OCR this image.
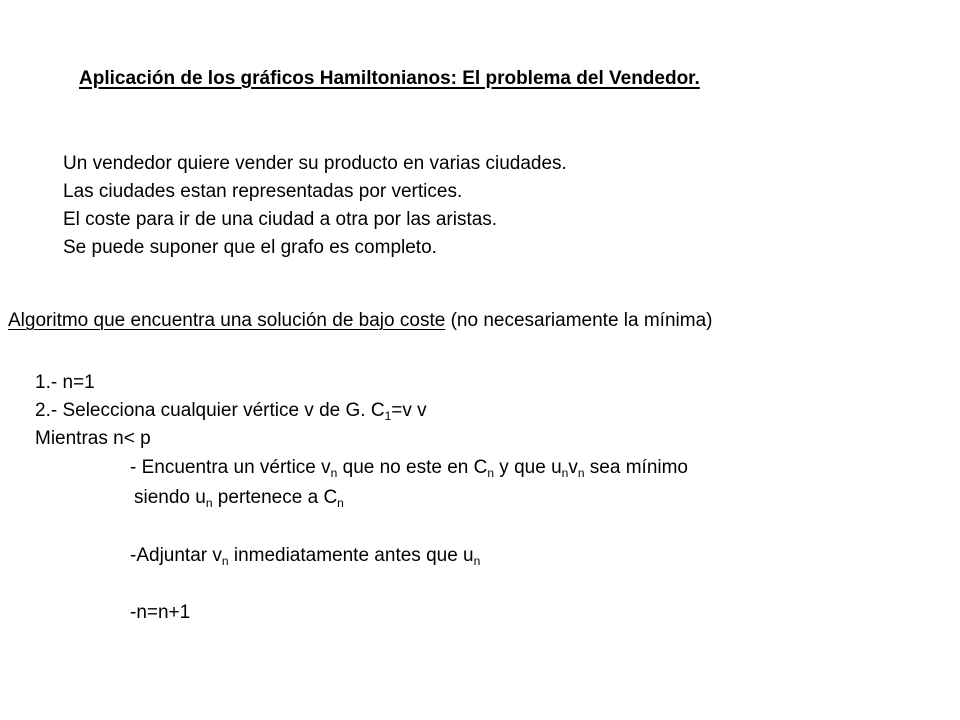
Aplicación de los gráficos Hamiltonianos: El problema del Vendedor.
Un vendedor quiere vender su producto en varias ciudades.
Las ciudades estan representadas por vertices.
El coste para ir de una ciudad a otra por las aristas.
Se puede suponer que el grafo es completo.
Algoritmo que encuentra una solución de bajo coste (no necesariamente la mínima)
1.- n=1
2.- Selecciona cualquier vértice v de G. $C_1=v$ v
Mientras n< p
- Encuentra un vértice $v_n$ que no este en $C_n$ y que $u_nv_n$ sea mínimo
siendo $u_n$ pertenece a $C_n$
-Adjuntar $v_n$ inmediatamente antes que $u_n$
-n=n+1
